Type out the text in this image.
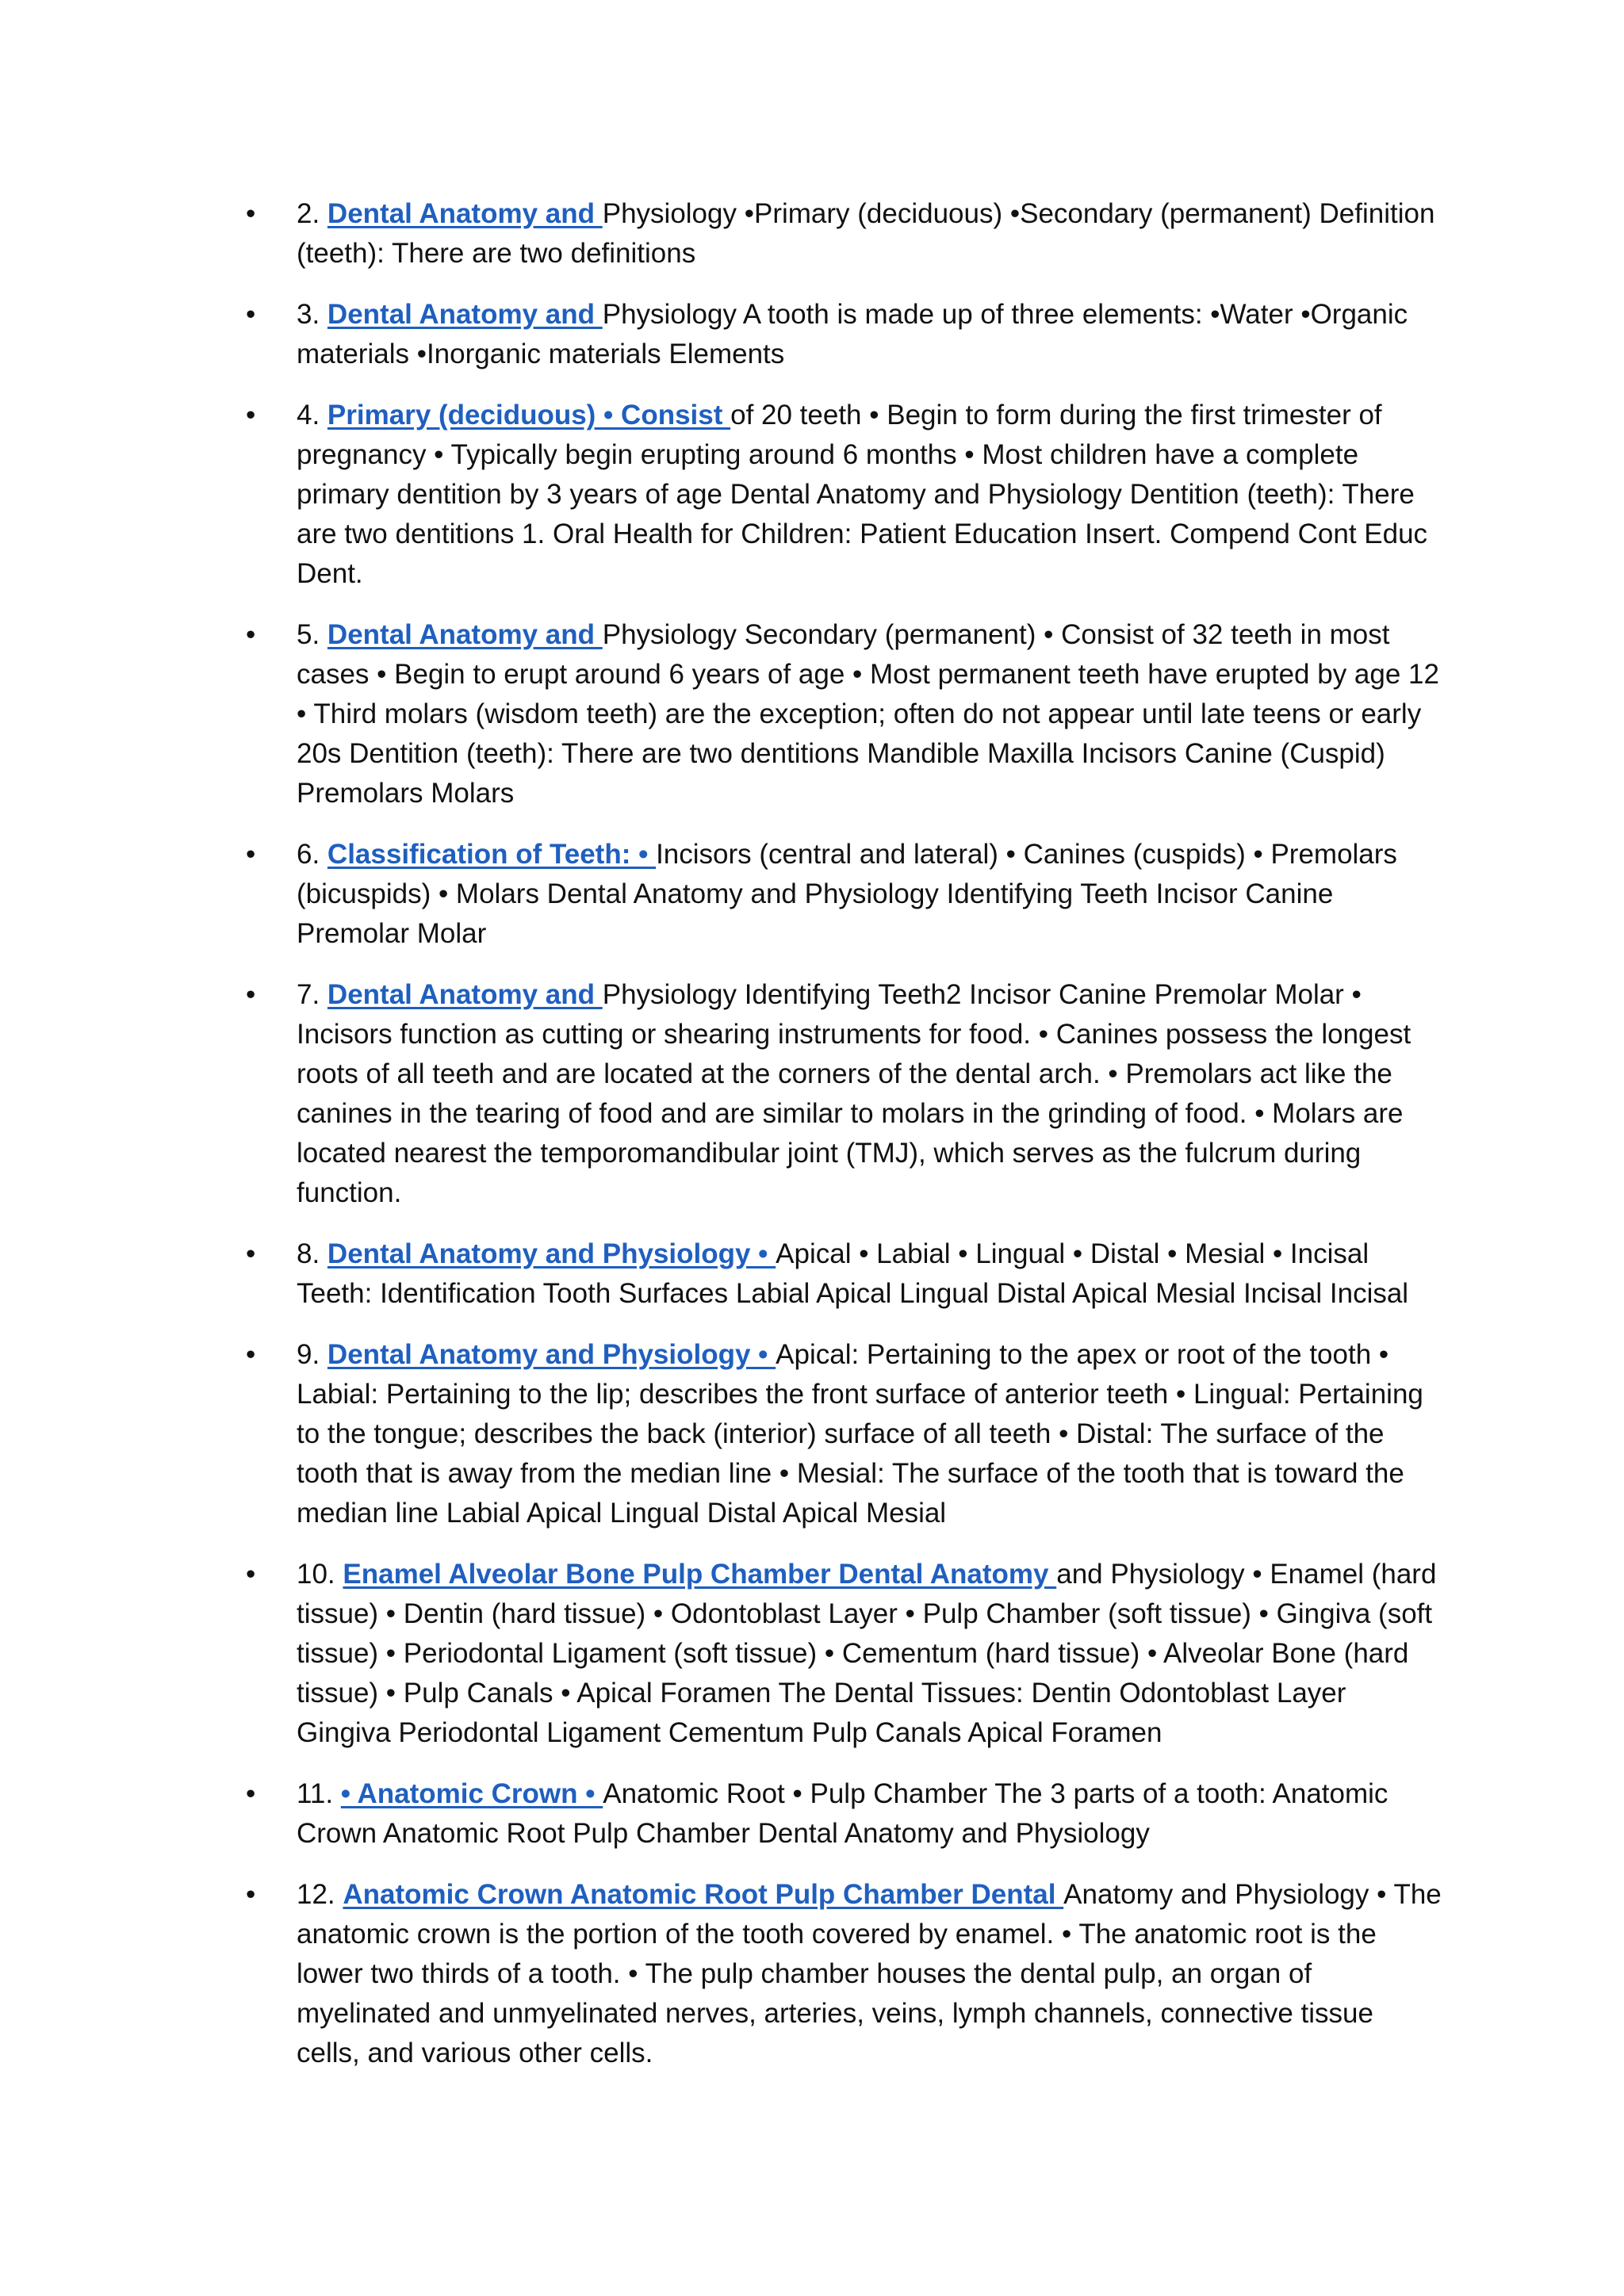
•	2. Dental Anatomy and Physiology •Primary (deciduous) •Secondary (permanent) Definition (teeth): There are two definitions
•	3. Dental Anatomy and Physiology A tooth is made up of three elements: •Water •Organic materials •Inorganic materials Elements
•	4. Primary (deciduous) • Consist of 20 teeth • Begin to form during the first trimester of pregnancy • Typically begin erupting around 6 months • Most children have a complete primary dentition by 3 years of age Dental Anatomy and Physiology Dentition (teeth): There are two dentitions 1. Oral Health for Children: Patient Education Insert. Compend Cont Educ Dent.
•	5. Dental Anatomy and Physiology Secondary (permanent) • Consist of 32 teeth in most cases • Begin to erupt around 6 years of age • Most permanent teeth have erupted by age 12 • Third molars (wisdom teeth) are the exception; often do not appear until late teens or early 20s Dentition (teeth): There are two dentitions Mandible Maxilla Incisors Canine (Cuspid) Premolars Molars
•	6. Classification of Teeth: • Incisors (central and lateral) • Canines (cuspids) • Premolars (bicuspids) • Molars Dental Anatomy and Physiology Identifying Teeth Incisor Canine Premolar Molar
•	7. Dental Anatomy and Physiology Identifying Teeth2 Incisor Canine Premolar Molar • Incisors function as cutting or shearing instruments for food. • Canines possess the longest roots of all teeth and are located at the corners of the dental arch. • Premolars act like the canines in the tearing of food and are similar to molars in the grinding of food. • Molars are located nearest the temporomandibular joint (TMJ), which serves as the fulcrum during function.
•	8. Dental Anatomy and Physiology • Apical • Labial • Lingual • Distal • Mesial • Incisal Teeth: Identification Tooth Surfaces Labial Apical Lingual Distal Apical Mesial Incisal Incisal
•	9. Dental Anatomy and Physiology • Apical: Pertaining to the apex or root of the tooth • Labial: Pertaining to the lip; describes the front surface of anterior teeth • Lingual: Pertaining to the tongue; describes the back (interior) surface of all teeth • Distal: The surface of the tooth that is away from the median line • Mesial: The surface of the tooth that is toward the median line Labial Apical Lingual Distal Apical Mesial
•	10. Enamel Alveolar Bone Pulp Chamber Dental Anatomy and Physiology • Enamel (hard tissue) • Dentin (hard tissue) • Odontoblast Layer • Pulp Chamber (soft tissue) • Gingiva (soft tissue) • Periodontal Ligament (soft tissue) • Cementum (hard tissue) • Alveolar Bone (hard tissue) • Pulp Canals • Apical Foramen The Dental Tissues: Dentin Odontoblast Layer Gingiva Periodontal Ligament Cementum Pulp Canals Apical Foramen
•	11. • Anatomic Crown • Anatomic Root • Pulp Chamber The 3 parts of a tooth: Anatomic Crown Anatomic Root Pulp Chamber Dental Anatomy and Physiology
•	12. Anatomic Crown Anatomic Root Pulp Chamber Dental Anatomy and Physiology • The anatomic crown is the portion of the tooth covered by enamel. • The anatomic root is the lower two thirds of a tooth. • The pulp chamber houses the dental pulp, an organ of myelinated and unmyelinated nerves, arteries, veins, lymph channels, connective tissue cells, and various other cells.
